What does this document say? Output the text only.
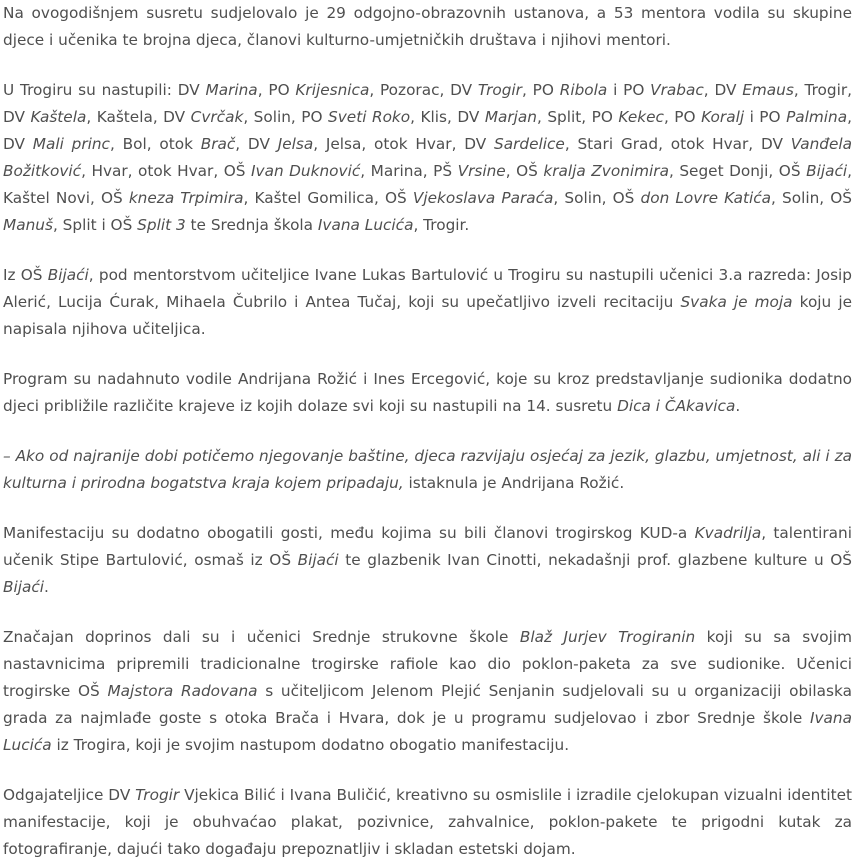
Na ovogodišnjem susretu sudjelovalo je 29 odgojno-obrazovnih ustanova, a 53 mentora vodila su skupine djece i učenika te brojna djeca, članovi kulturno-umjetničkih društava i njihovi mentori.

U Trogiru su nastupili: DV Marina, PO Krijesnica, Pozorac, DV Trogir, PO Ribola i PO Vrabac, DV Emaus, Trogir, DV Kaštela, Kaštela, DV Cvrčak, Solin, PO Sveti Roko, Klis, DV Marjan, Split, PO Kekec, PO Koralj i PO Palmina, DV Mali princ, Bol, otok Brač, DV Jelsa, Jelsa, otok Hvar, DV Sardelice, Stari Grad, otok Hvar, DV Vanđela Božitković, Hvar, otok Hvar, OŠ Ivan Duknović, Marina, PŠ Vrsine, OŠ kralja Zvonimira, Seget Donji, OŠ Bijaći, Kaštel Novi, OŠ kneza Trpimira, Kaštel Gomilica, OŠ Vjekoslava Paraća, Solin, OŠ don Lovre Katića, Solin, OŠ Manuš, Split i OŠ Split 3 te Srednja škola Ivana Lucića, Trogir.

Iz OŠ Bijaći, pod mentorstvom učiteljice Ivane Lukas Bartulović u Trogiru su nastupili učenici 3.a razreda: Josip Alerić, Lucija Ćurak, Mihaela Čubrilo i Antea Tučaj, koji su upečatljivo izveli recitaciju Svaka je moja koju je napisala njihova učiteljica.

Program su nadahnuto vodile Andrijana Rožić i Ines Ercegović, koje su kroz predstavljanje sudionika dodatno djeci približile različite krajeve iz kojih dolaze svi koji su nastupili na 14. susretu Dica i ČAkavica.

– Ako od najranije dobi potičemo njegovanje baštine, djeca razvijaju osjećaj za jezik, glazbu, umjetnost, ali i za kulturna i prirodna bogatstva kraja kojem pripadaju, istaknula je Andrijana Rožić.

Manifestaciju su dodatno obogatili gosti, među kojima su bili članovi trogirskog KUD-a Kvadrilja, talentirani učenik Stipe Bartulović, osmaš iz OŠ Bijaći te glazbenik Ivan Cinotti, nekadašnji prof. glazbene kulture u OŠ Bijaći.

Značajan doprinos dali su i učenici Srednje strukovne škole Blaž Jurjev Trogiranin koji su sa svojim nastavnicima pripremili tradicionalne trogirske rafiole kao dio poklon-paketa za sve sudionike. Učenici trogirske OŠ Majstora Radovana s učiteljicom Jelenom Plejić Senjanin sudjelovali su u organizaciji obilaska grada za najmlađe goste s otoka Brača i Hvara, dok je u programu sudjelovao i zbor Srednje škole Ivana Lucića iz Trogira, koji je svojim nastupom dodatno obogatio manifestaciju.

Odgajateljice DV Trogir Vjekica Bilić i Ivana Buličić, kreativno su osmislile i izradile cjelokupan vizualni identitet manifestacije, koji je obuhvaćao plakat, pozivnice, zahvalnice, poklon-pakete te prigodni kutak za fotografiranje, dajući tako događaju prepoznatljiv i skladan estetski dojam.
